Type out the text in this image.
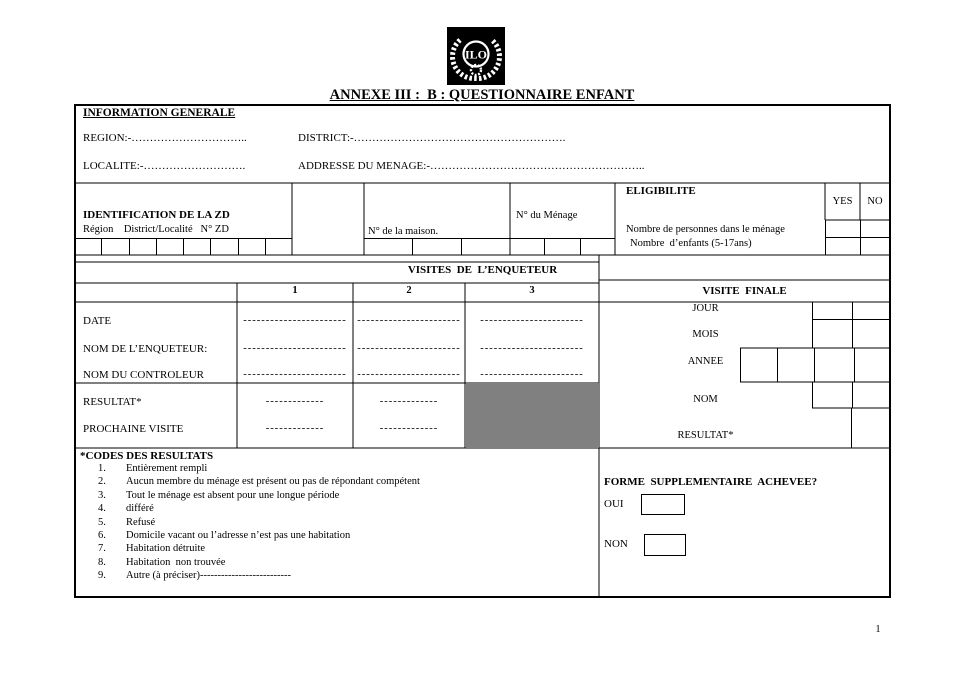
ILO
ANNEXE III :  B : QUESTIONNAIRE ENFANT
INFORMATION GENERALE
REGION:-…………………………..	DISTRICT:-………………………………………………….
LOCALITE:-……………………….	ADDRESSE DU MENAGE:-…………………………………………………..
IDENTIFICATION DE LA ZD
Région    District/Localité   N° ZD	N° de la maison.
N° du Ménage
ELIGIBILITE
Nombre de personnes dans le ménage
Nombre  d’enfants (5-17ans)
YES	NO
VISITES  DE  L’ENQUETEUR
1	2	3
DATE	-----------------------	-----------------------	-----------------------
NOM DE L’ENQUETEUR:	-----------------------	-----------------------	-----------------------
NOM DU CONTROLEUR	-----------------------	-----------------------	-----------------------
RESULTAT*	-------------	-------------
PROCHAINE VISITE	-------------	-------------
VISITE  FINALE
JOUR
MOIS
ANNEE
NOM
RESULTAT*
*CODES DES RESULTATS
1.	Entièrement rempli
2.	Aucun membre du ménage est présent ou pas de répondant compétent
3.	Tout le ménage est absent pour une longue période
4.	différé
5.	Refusé
6.	Domicile vacant ou l’adresse n’est pas une habitation
7.	Habitation détruite
8.	Habitation  non trouvée
9.	Autre (à préciser)--------------------------
FORME  SUPPLEMENTAIRE  ACHEVEE?
OUI
NON
1
